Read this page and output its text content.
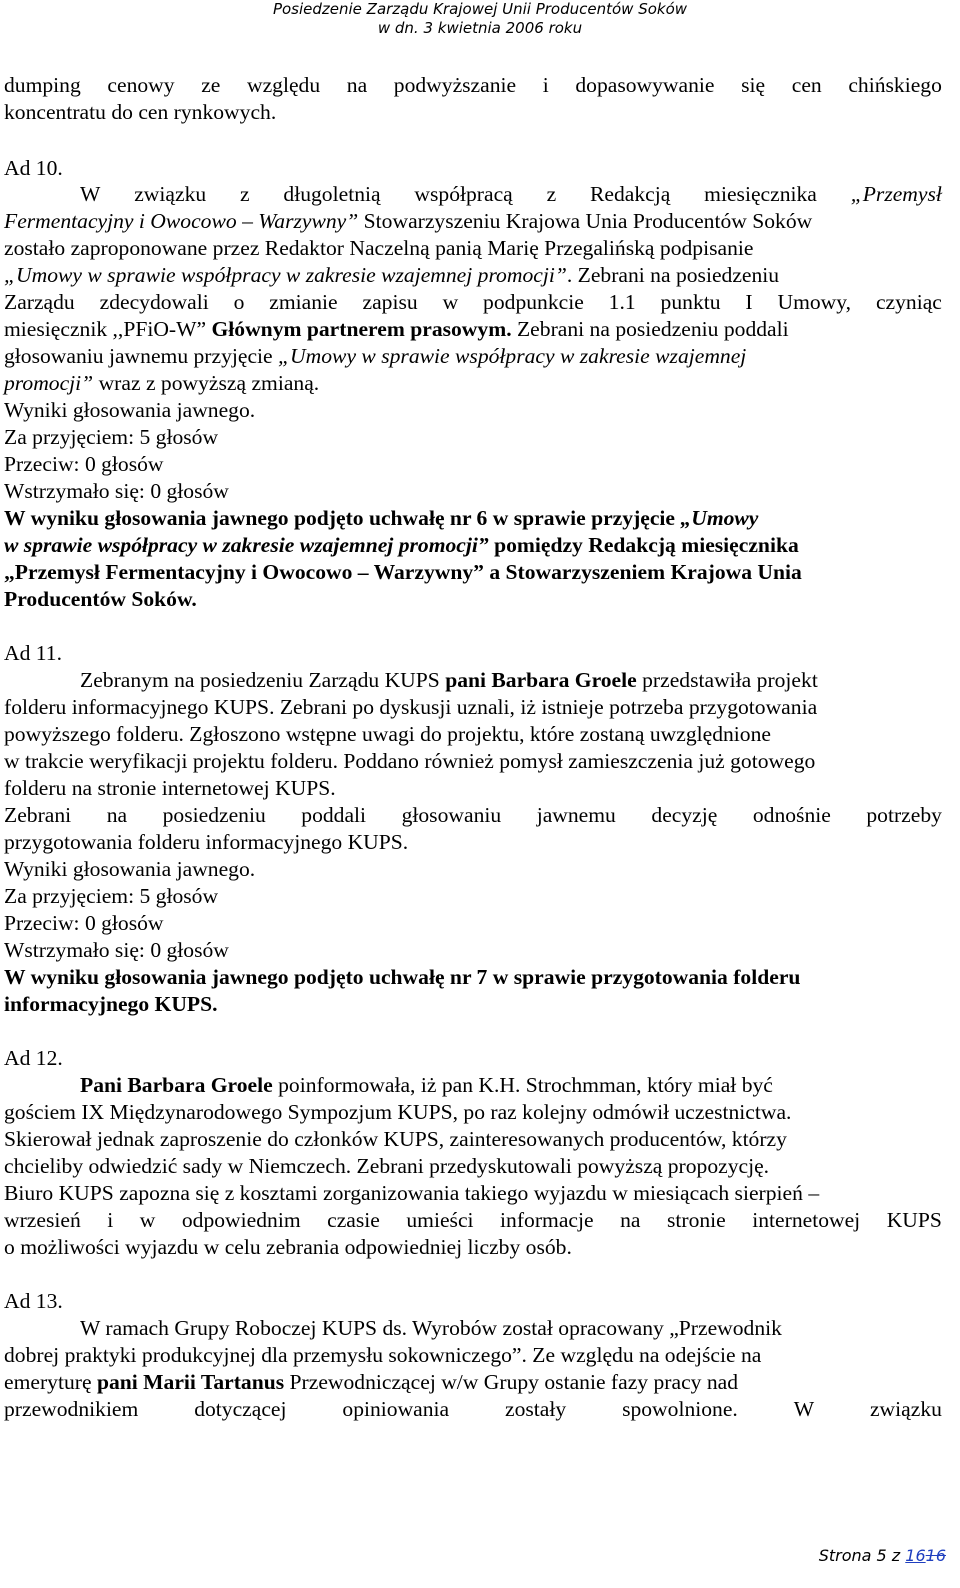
Posiedzenie Zarządu Krajowej Unii Producentów Soków
w dn. 3 kwietnia 2006 roku
dumping cenowy ze względu na podwyższanie i dopasowywanie się cen chińskiego
koncentratu do cen rynkowych.
Ad 10.
W związku z długoletnią współpracą z Redakcją miesięcznika „Przemysł
Fermentacyjny i Owocowo – Warzywny” Stowarzyszeniu Krajowa Unia Producentów Soków
zostało zaproponowane przez Redaktor Naczelną panią Marię Przegalińską podpisanie
„Umowy w sprawie współpracy w zakresie wzajemnej promocji”. Zebrani na posiedzeniu
Zarządu zdecydowali o zmianie zapisu w podpunkcie 1.1 punktu I Umowy, czyniąc
miesięcznik ,,PFiO-W” Głównym partnerem prasowym. Zebrani na posiedzeniu poddali
głosowaniu jawnemu przyjęcie „Umowy w sprawie współpracy w zakresie wzajemnej
promocji” wraz z powyższą zmianą.
Wyniki głosowania jawnego.
Za przyjęciem: 5 głosów
Przeciw: 0 głosów
Wstrzymało się: 0 głosów
W wyniku głosowania jawnego podjęto uchwałę nr 6 w sprawie przyjęcie „Umowy
w sprawie współpracy w zakresie wzajemnej promocji” pomiędzy Redakcją miesięcznika
„Przemysł Fermentacyjny i Owocowo – Warzywny” a Stowarzyszeniem Krajowa Unia
Producentów Soków.
Ad 11.
Zebranym na posiedzeniu Zarządu KUPS pani Barbara Groele przedstawiła projekt
folderu informacyjnego KUPS. Zebrani po dyskusji uznali, iż istnieje potrzeba przygotowania
powyższego folderu. Zgłoszono wstępne uwagi do projektu, które zostaną uwzględnione
w trakcie weryfikacji projektu folderu. Poddano również pomysł zamieszczenia już gotowego
folderu na stronie internetowej KUPS.
Zebrani na posiedzeniu poddali głosowaniu jawnemu decyzję odnośnie potrzeby
przygotowania folderu informacyjnego KUPS.
Wyniki głosowania jawnego.
Za przyjęciem: 5 głosów
Przeciw: 0 głosów
Wstrzymało się: 0 głosów
W wyniku głosowania jawnego podjęto uchwałę nr 7 w sprawie przygotowania folderu
informacyjnego KUPS.
Ad 12.
Pani Barbara Groele poinformowała, iż pan K.H. Strochmman, który miał być
gościem IX Międzynarodowego Sympozjum KUPS, po raz kolejny odmówił uczestnictwa.
Skierował jednak zaproszenie do członków KUPS, zainteresowanych producentów, którzy
chcieliby odwiedzić sady w Niemczech. Zebrani przedyskutowali powyższą propozycję.
Biuro KUPS zapozna się z kosztami zorganizowania takiego wyjazdu w miesiącach sierpień –
wrzesień i w odpowiednim czasie umieści informacje na stronie internetowej KUPS
o możliwości wyjazdu w celu zebrania odpowiedniej liczby osób.
Ad 13.
W ramach Grupy Roboczej KUPS ds. Wyrobów został opracowany „Przewodnik
dobrej praktyki produkcyjnej dla przemysłu sokowniczego”. Ze względu na odejście na
emeryturę pani Marii Tartanus Przewodniczącej w/w Grupy ostanie fazy pracy nad
przewodnikiem	dotyczącej	opiniowania	zostały	spowolnione.	W	związku
Strona 5 z 1616
